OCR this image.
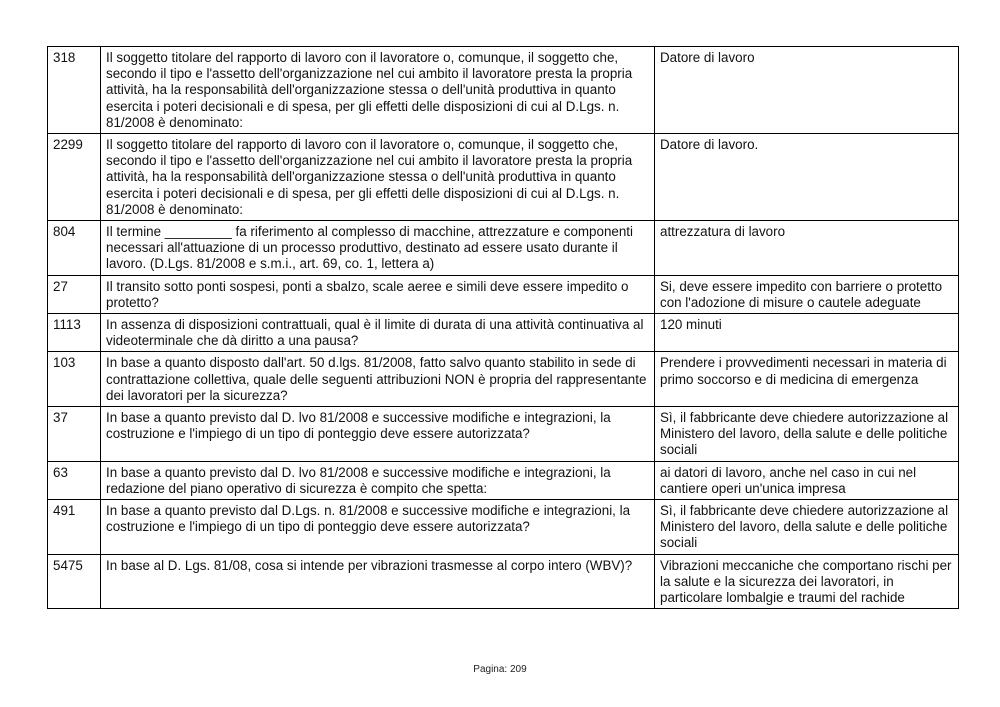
318	Il soggetto titolare del rapporto di lavoro con il lavoratore o, comunque, il soggetto che, secondo il tipo e l'assetto dell'organizzazione nel cui ambito il lavoratore presta la propria attività, ha la responsabilità dell'organizzazione stessa o dell'unità produttiva in quanto esercita i poteri decisionali e di spesa, per gli effetti delle disposizioni di cui al D.Lgs. n. 81/2008 è denominato:	Datore di lavoro
2299	Il soggetto titolare del rapporto di lavoro con il lavoratore o, comunque, il soggetto che, secondo il tipo e l'assetto dell'organizzazione nel cui ambito il lavoratore presta la propria attività, ha la responsabilità dell'organizzazione stessa o dell'unità produttiva in quanto esercita i poteri decisionali e di spesa, per gli effetti delle disposizioni di cui al D.Lgs. n. 81/2008 è denominato:	Datore di lavoro.
804	Il termine _________ fa riferimento al complesso di macchine, attrezzature e componenti necessari all'attuazione di un processo produttivo, destinato ad essere usato durante il lavoro. (D.Lgs. 81/2008 e s.m.i., art. 69, co. 1, lettera a)	attrezzatura di lavoro
27	Il transito sotto ponti sospesi, ponti a sbalzo, scale aeree e simili deve essere impedito o protetto?	Si, deve essere impedito con barriere o protetto con l'adozione di misure o cautele adeguate
1113	In assenza di disposizioni contrattuali, qual è il limite di durata di una attività continuativa al videoterminale che dà diritto a una pausa?	120 minuti
103	In base a quanto disposto dall'art. 50 d.lgs. 81/2008, fatto salvo quanto stabilito in sede di contrattazione collettiva, quale delle seguenti attribuzioni NON è propria del rappresentante dei lavoratori per la sicurezza?	Prendere i provvedimenti necessari in materia di primo soccorso e di medicina di emergenza
37	In base a quanto previsto dal D. lvo 81/2008 e successive modifiche e integrazioni, la costruzione e l'impiego di un tipo di ponteggio deve essere autorizzata?	Sì, il fabbricante deve chiedere autorizzazione al Ministero del lavoro, della salute e delle politiche sociali
63	In base a quanto previsto dal D. lvo 81/2008 e successive modifiche e integrazioni, la redazione del piano operativo di sicurezza è compito che spetta:	ai datori di lavoro, anche nel caso in cui nel cantiere operi un'unica impresa
491	In base a quanto previsto dal D.Lgs. n. 81/2008 e successive modifiche e integrazioni, la costruzione e l'impiego di un tipo di ponteggio deve essere autorizzata?	Sì, il fabbricante deve chiedere autorizzazione al Ministero del lavoro, della salute e delle politiche sociali
5475	In base al D. Lgs. 81/08, cosa si intende per vibrazioni trasmesse al corpo intero (WBV)?	Vibrazioni meccaniche che comportano rischi per la salute e la sicurezza dei lavoratori, in particolare lombalgie e traumi del rachide
Pagina: 209
